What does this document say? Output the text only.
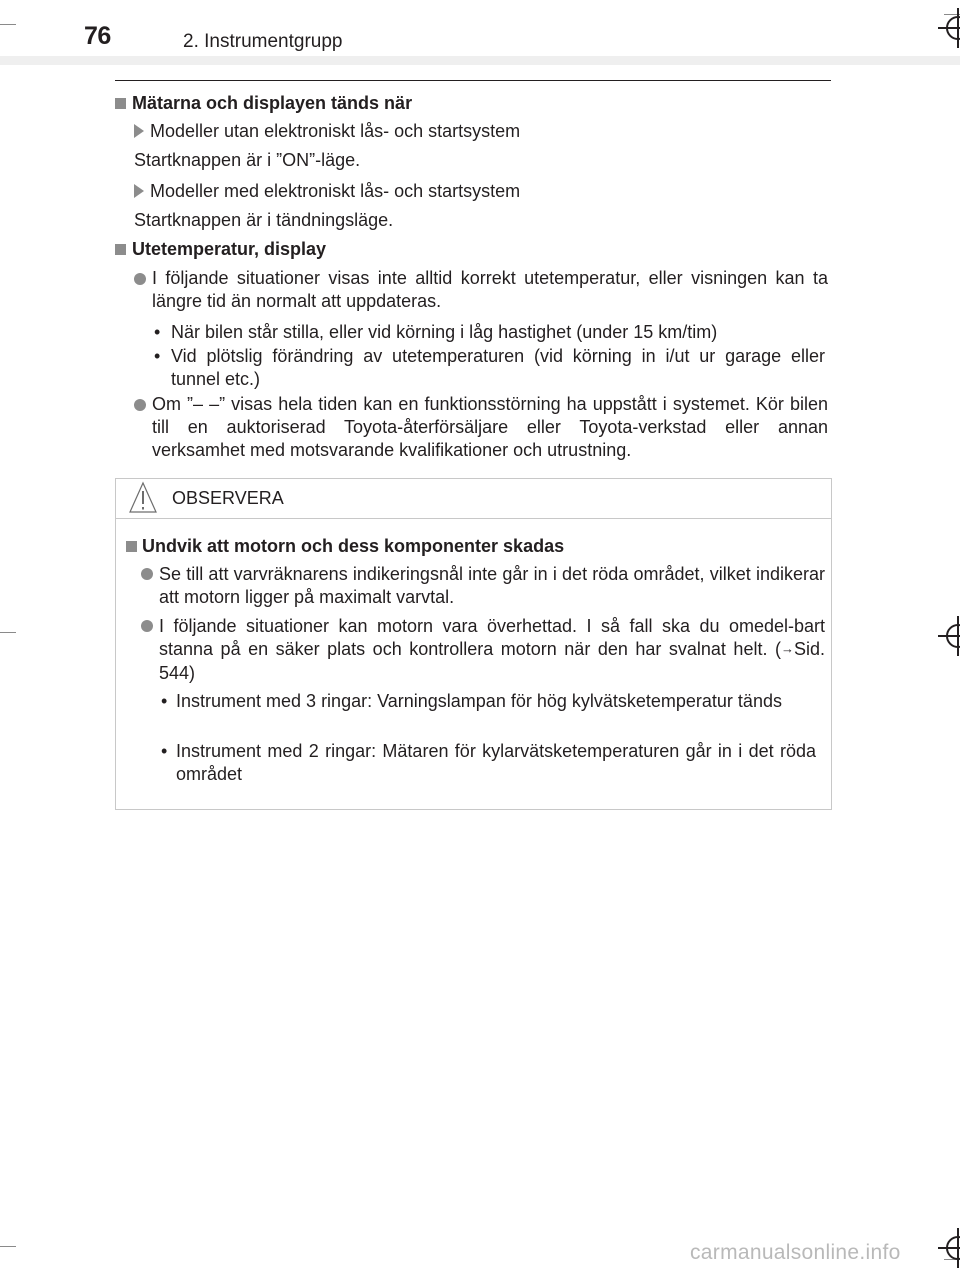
76	2. Instrumentgrupp
Mätarna och displayen tänds när
Modeller utan elektroniskt lås- och startsystem
Startknappen är i ”ON”-läge.
Modeller med elektroniskt lås- och startsystem
Startknappen är i tändningsläge.
Utetemperatur, display
I följande situationer visas inte alltid korrekt utetemperatur, eller visningen kan ta längre tid än normalt att uppdateras.
• När bilen står stilla, eller vid körning i låg hastighet (under 15 km/tim)
• Vid plötslig förändring av utetemperaturen (vid körning in i/ut ur garage eller tunnel etc.)
Om ”– –” visas hela tiden kan en funktionsstörning ha uppstått i systemet. Kör bilen till en auktoriserad Toyota-återförsäljare eller Toyota-verkstad eller annan verksamhet med motsvarande kvalifikationer och utrustning.
OBSERVERA
Undvik att motorn och dess komponenter skadas
Se till att varvräknarens indikeringsnål inte går in i det röda området, vilket indikerar att motorn ligger på maximalt varvtal.
I följande situationer kan motorn vara överhettad. I så fall ska du omedel-bart stanna på en säker plats och kontrollera motorn när den har svalnat helt. (→Sid. 544)
• Instrument med 3 ringar: Varningslampan för hög kylvätsketemperatur tänds
• Instrument med 2 ringar: Mätaren för kylarvätsketemperaturen går in i det röda området
carmanualsonline.info
